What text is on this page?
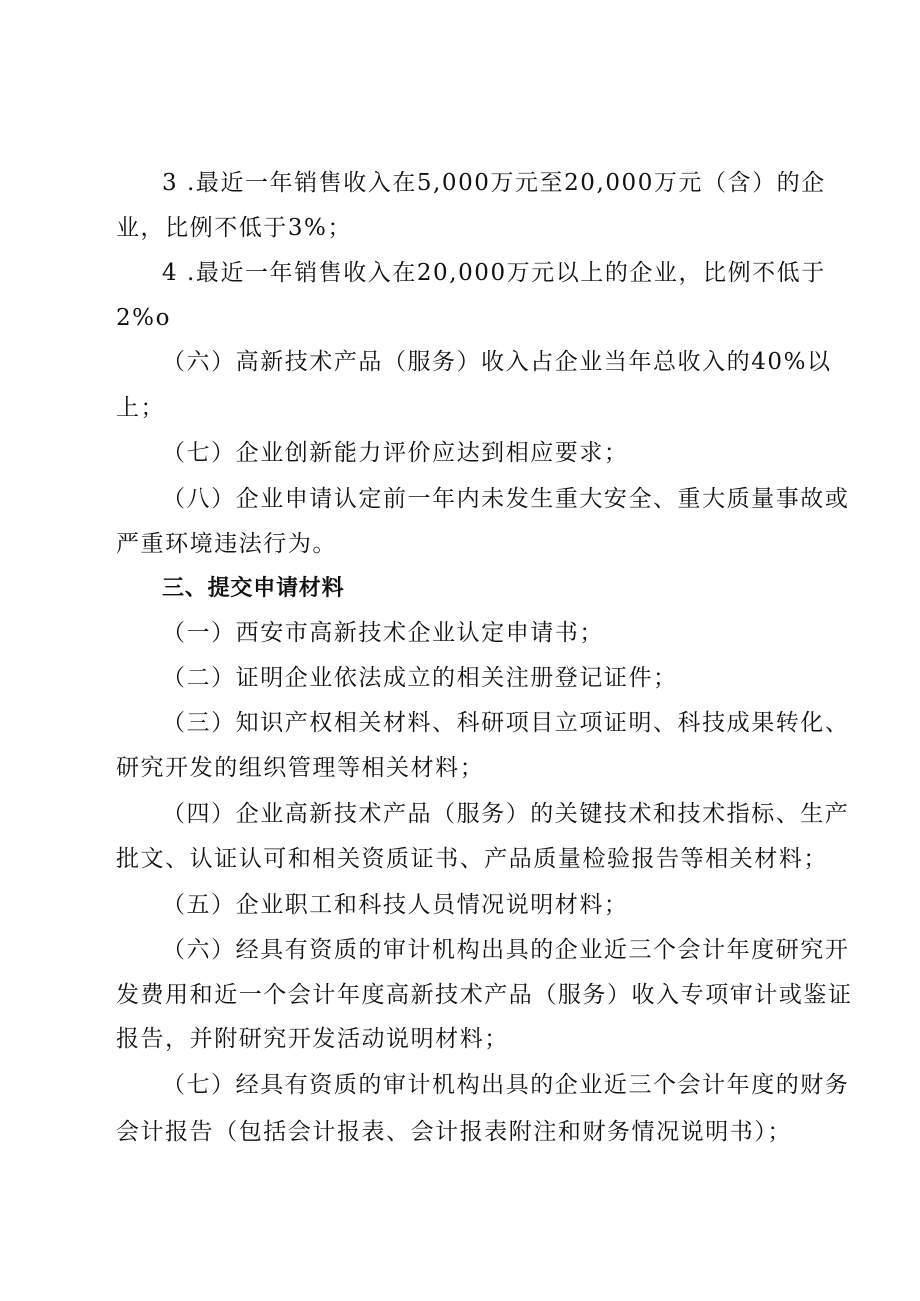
3 .最近一年销售收入在5,000万元至20,000万元（含）的企
业，比例不低于3%；
4 .最近一年销售收入在20,000万元以上的企业，比例不低于
2%o
（六）高新技术产品（服务）收入占企业当年总收入的40%以
上；
（七）企业创新能力评价应达到相应要求；
（八）企业申请认定前一年内未发生重大安全、重大质量事故或
严重环境违法行为。
三、提交申请材料
（一）西安市高新技术企业认定申请书；
（二）证明企业依法成立的相关注册登记证件；
（三）知识产权相关材料、科研项目立项证明、科技成果转化、
研究开发的组织管理等相关材料；
（四）企业高新技术产品（服务）的关键技术和技术指标、生产
批文、认证认可和相关资质证书、产品质量检验报告等相关材料；
（五）企业职工和科技人员情况说明材料；
（六）经具有资质的审计机构出具的企业近三个会计年度研究开
发费用和近一个会计年度高新技术产品（服务）收入专项审计或鉴证
报告，并附研究开发活动说明材料；
（七）经具有资质的审计机构出具的企业近三个会计年度的财务
会计报告（包括会计报表、会计报表附注和财务情况说明书）；
